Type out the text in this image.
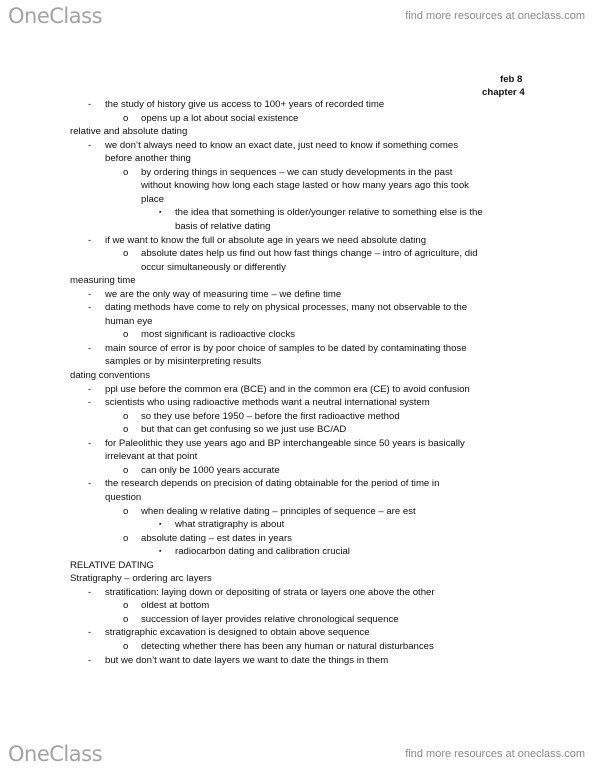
OneClass	find more resources at oneclass.com
feb 8
chapter 4
- the study of history give us access to 100+ years of recorded time
o opens up a lot about social existence
relative and absolute dating
- we don’t always need to know an exact date, just need to know if something comes
before another thing
o by ordering things in sequences – we can study developments in the past
without knowing how long each stage lasted or how many years ago this took
place
▪ the idea that something is older/younger relative to something else is the
basis of relative dating
- if we want to know the full or absolute age in years we need absolute dating
o absolute dates help us find out how fast things change – intro of agriculture, did
occur simultaneously or differently
measuring time
- we are the only way of measuring time – we define time
- dating methods have come to rely on physical processes, many not observable to the
human eye
o most significant is radioactive clocks
- main source of error is by poor choice of samples to be dated by contaminating those
samples or by misinterpreting results
dating conventions
- ppl use before the common era (BCE) and in the common era (CE) to avoid confusion
- scientists who using radioactive methods want a neutral international system
o so they use before 1950 – before the first radioactive method
o but that can get confusing so we just use BC/AD
- for Paleolithic they use years ago and BP interchangeable since 50 years is basically
irrelevant at that point
o can only be 1000 years accurate
- the research depends on precision of dating obtainable for the period of time in
question
o when dealing w relative dating – principles of sequence – are est
▪ what stratigraphy is about
o absolute dating – est dates in years
▪ radiocarbon dating and calibration crucial
RELATIVE DATING
Stratigraphy – ordering arc layers
- stratification: laying down or depositing of strata or layers one above the other
o oldest at bottom
o succession of layer provides relative chronological sequence
- stratigraphic excavation is designed to obtain above sequence
o detecting whether there has been any human or natural disturbances
- but we don’t want to date layers we want to date the things in them
OneClass	find more resources at oneclass.com
